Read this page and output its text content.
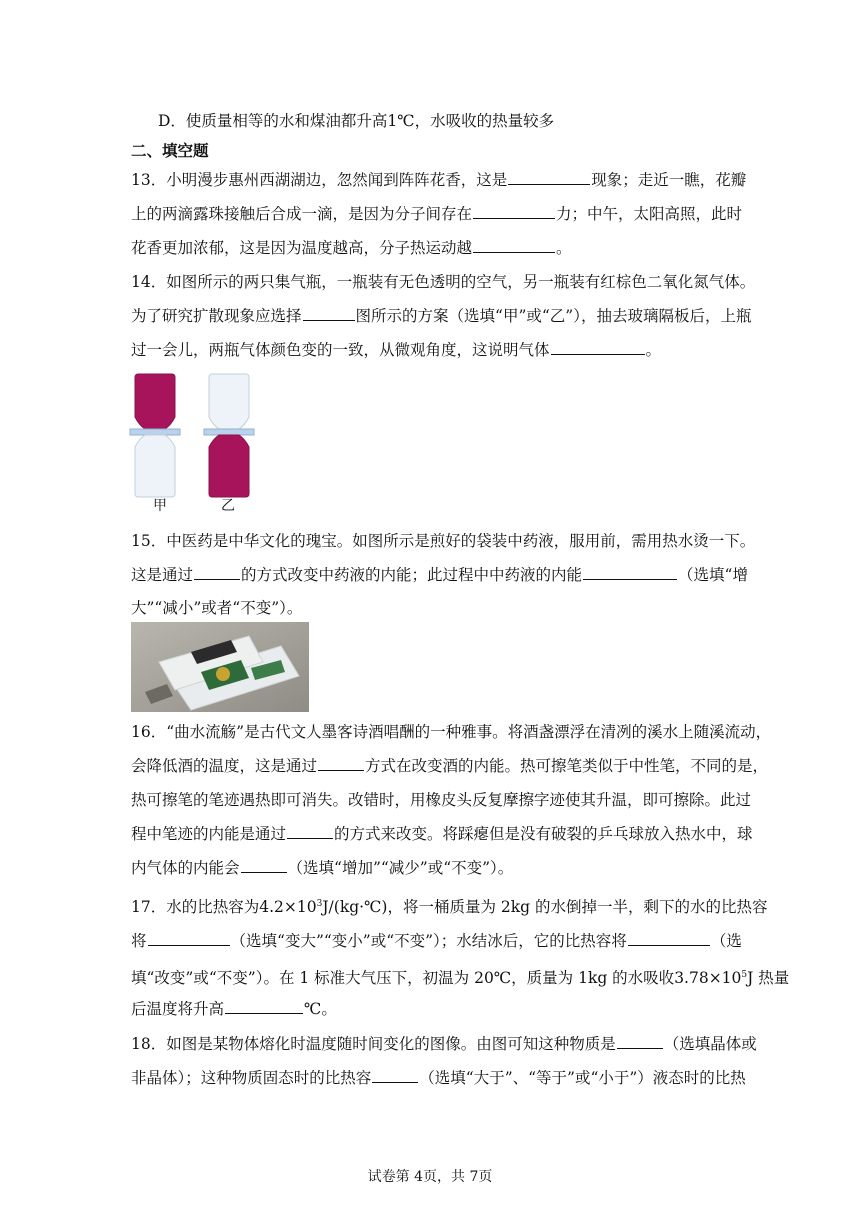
D．使质量相等的水和煤油都升高1℃，水吸收的热量较多
二、填空题
13．小明漫步惠州西湖湖边，忽然闻到阵阵花香，这是	现象；走近一瞧，花瓣
上的两滴露珠接触后合成一滴，是因为分子间存在	力；中午，太阳高照，此时
花香更加浓郁，这是因为温度越高，分子热运动越	。
14．如图所示的两只集气瓶，一瓶装有无色透明的空气，另一瓶装有红棕色二氧化氮气体。
为了研究扩散现象应选择	图所示的方案（选填“甲”或“乙”），抽去玻璃隔板后，上瓶
过一会儿，两瓶气体颜色变的一致，从微观角度，这说明气体	。
甲	乙
15．中医药是中华文化的瑰宝。如图所示是煎好的袋装中药液，服用前，需用热水烫一下。
这是通过	的方式改变中药液的内能；此过程中中药液的内能	（选填“增
大”“减小”或者“不变”）。
16．“曲水流觞”是古代文人墨客诗酒唱酬的一种雅事。将酒盏漂浮在清冽的溪水上随溪流动，
会降低酒的温度，这是通过	方式在改变酒的内能。热可擦笔类似于中性笔，不同的是，
热可擦笔的笔迹遇热即可消失。改错时，用橡皮头反复摩擦字迹使其升温，即可擦除。此过
程中笔迹的内能是通过	的方式来改变。将踩瘪但是没有破裂的乒乓球放入热水中，球
内气体的内能会	（选填“增加”“减少”或“不变”）。
17．水的比热容为$4.2\times 10^3J/(kg\cdot℃)$，将一桶质量为 2kg 的水倒掉一半，剩下的水的比热容
将	（选填“变大”“变小”或“不变”）；水结冰后，它的比热容将	（选
填“改变”或“不变”）。在 1 标准大气压下，初温为 20℃，质量为 1kg 的水吸收$3.78\times 10^5J$ 热量
后温度将升高	℃。
18．如图是某物体熔化时温度随时间变化的图像。由图可知这种物质是	（选填晶体或
非晶体）；这种物质固态时的比热容	（选填“大于”、“等于”或“小于”）液态时的比热
试卷第 4页，共 7页
